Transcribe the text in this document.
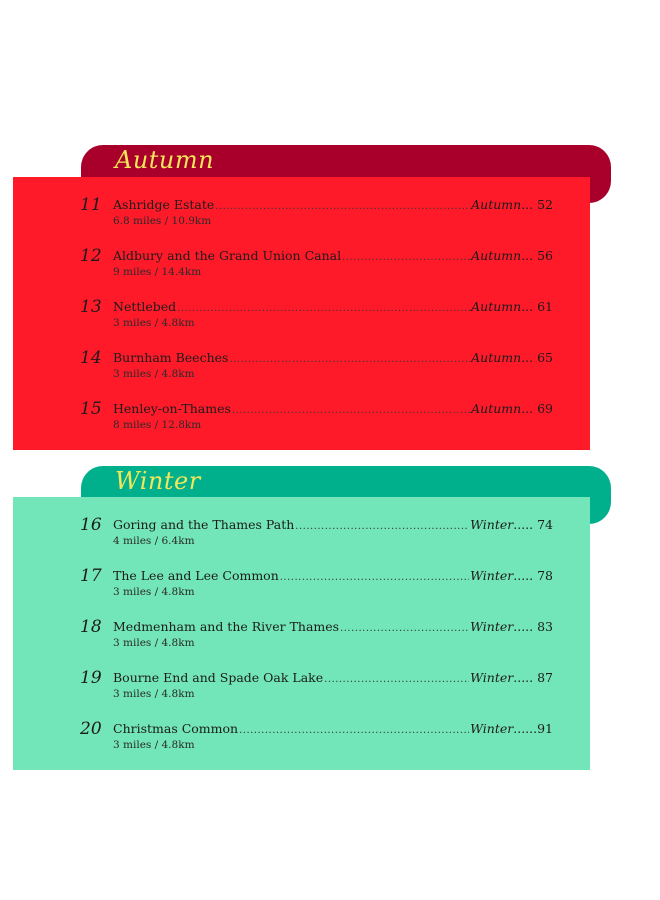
Autumn
11 Ashridge Estate .....	Autumn ... 52
6.8 miles / 10.9km
12 Aldbury and the Grand Union Canal .....	Autumn ... 56
9 miles / 14.4km
13 Nettlebed .....	Autumn ... 61
3 miles / 4.8km
14 Burnham Beeches .....	Autumn ... 65
3 miles / 4.8km
15 Henley-on-Thames .....	Autumn ... 69
8 miles / 12.8km
Winter
16 Goring and the Thames Path .....	Winter ..... 74
4 miles / 6.4km
17 The Lee and Lee Common .....	Winter ..... 78
3 miles / 4.8km
18 Medmenham and the River Thames .....	Winter ..... 83
3 miles / 4.8km
19 Bourne End and Spade Oak Lake .....	Winter ..... 87
3 miles / 4.8km
20 Christmas Common .....	Winter ......91
3 miles / 4.8km
